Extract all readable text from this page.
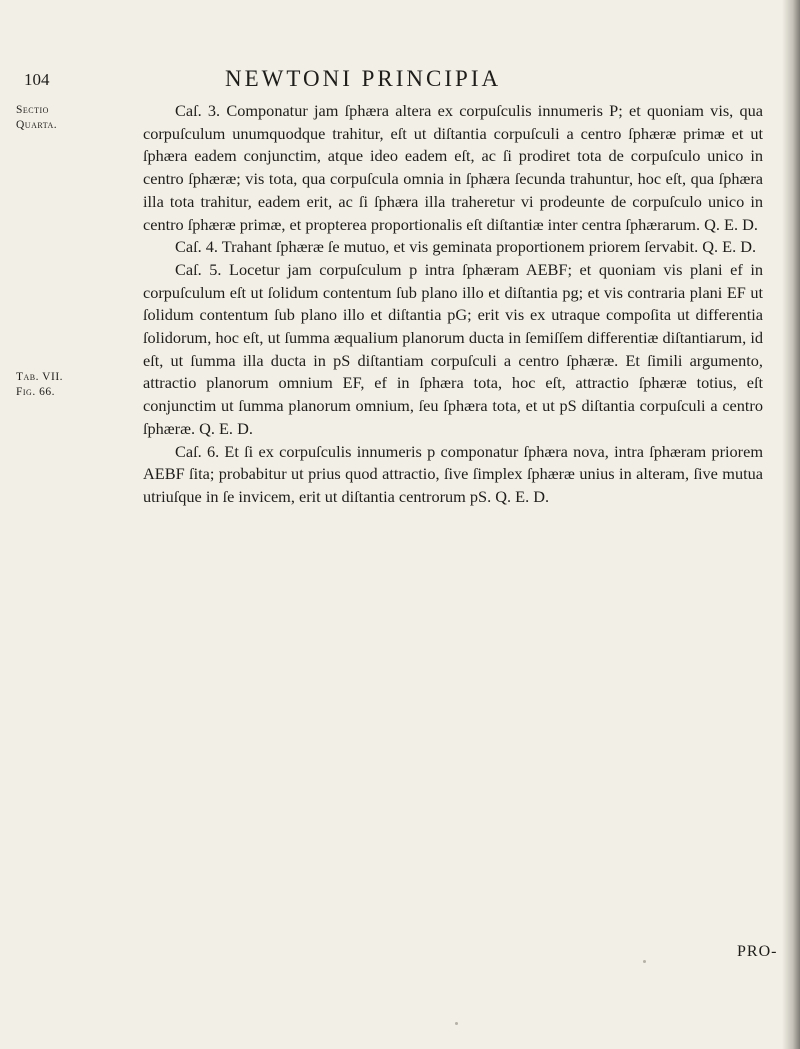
104	NEWTONI PRINCIPIA
Sectio
Quarta.
Tab. VII.
Fig. 66.

Caſ. 3. Componatur jam ſphæra altera ex corpuſculis innumeris P; et quoniam vis, qua corpuſculum unumquodque trahitur, eſt ut diſtantia corpuſculi a centro ſphæræ primæ et ut ſphæra eadem conjunctim, atque ideo eadem eſt, ac ſi prodiret tota de corpuſculo unico in centro ſphæræ; vis tota, qua corpuſcula omnia in ſphæra ſecunda trahuntur, hoc eſt, qua ſphæra illa tota trahitur, eadem erit, ac ſi ſphæra illa traheretur vi prodeunte de corpuſculo unico in centro ſphæræ primæ, et propterea proportionalis eſt diſtantiæ inter centra ſphærarum. Q. E. D.

Caſ. 4. Trahant ſphæræ ſe mutuo, et vis geminata proportionem priorem ſervabit. Q. E. D.

Caſ. 5. Locetur jam corpuſculum p intra ſphæram AEBF; et quoniam vis plani ef in corpuſculum eſt ut ſolidum contentum ſub plano illo et diſtantia pg; et vis contraria plani EF ut ſolidum contentum ſub plano illo et diſtantia pG; erit vis ex utraque compoſita ut differentia ſolidorum, hoc eſt, ut ſumma æqualium planorum ducta in ſemiſſem differentiæ diſtantiarum, id eſt, ut ſumma illa ducta in pS diſtantiam corpuſculi a centro ſphæræ. Et ſimili argumento, attractio planorum omnium EF, ef in ſphæra tota, hoc eſt, attractio ſphæræ totius, eſt conjunctim ut ſumma planorum omnium, ſeu ſphæra tota, et ut pS diſtantia corpuſculi a centro ſphæræ. Q. E. D.

Caſ. 6. Et ſi ex corpuſculis innumeris p componatur ſphæra nova, intra ſphæram priorem AEBF ſita; probabitur ut prius quod attractio, ſive ſimplex ſphæræ unius in alteram, ſive mutua utriuſque in ſe invicem, erit ut diſtantia centrorum pS. Q. E. D.

PRO-
